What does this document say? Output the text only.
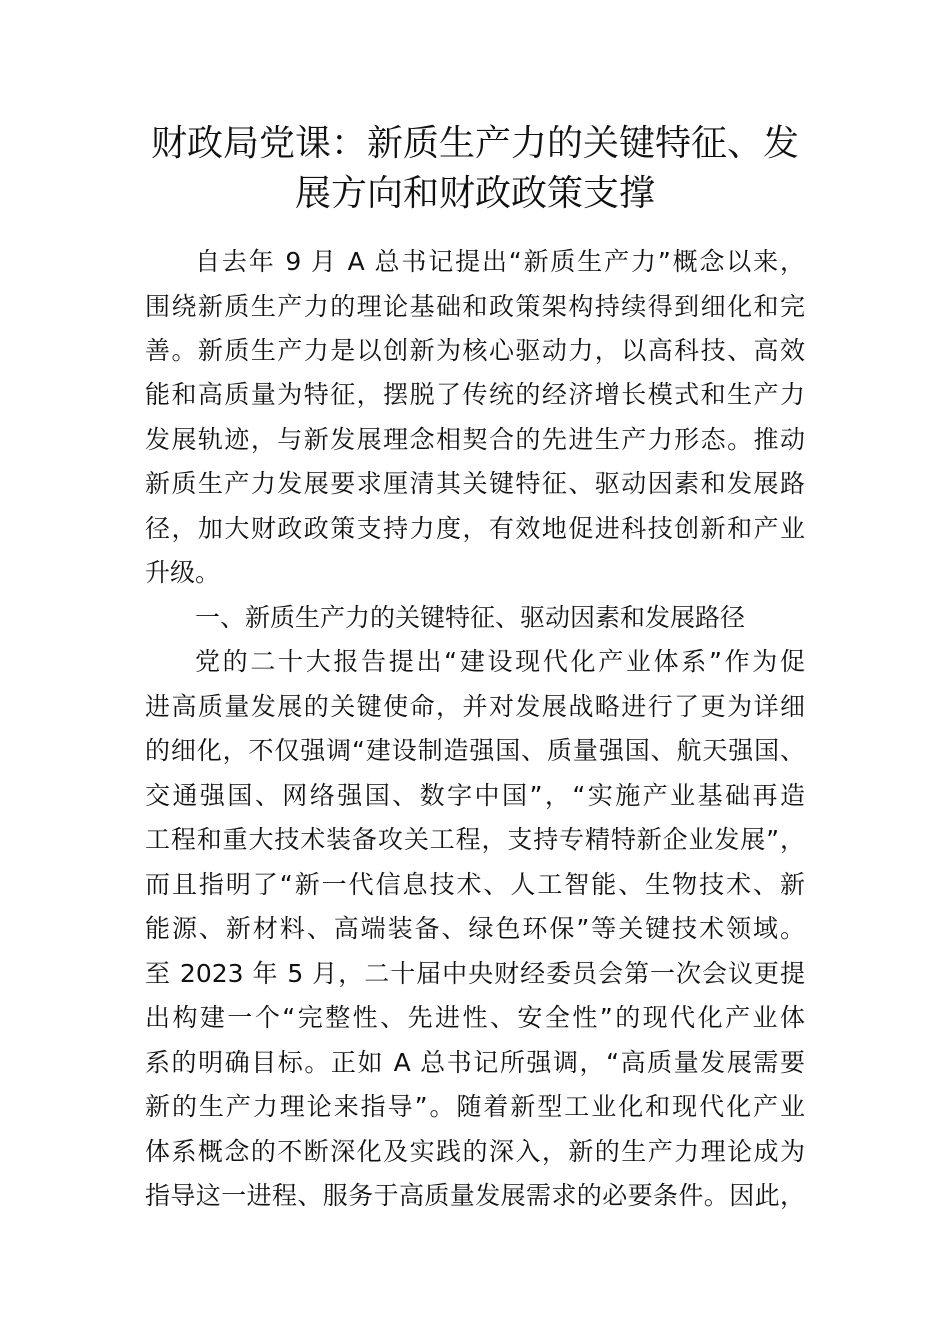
财政局党课：新质生产力的关键特征、发
展方向和财政政策支撑
自去年 9 月 A 总书记提出“新质生产力”概念以来，
围绕新质生产力的理论基础和政策架构持续得到细化和完
善。新质生产力是以创新为核心驱动力，以高科技、高效
能和高质量为特征，摆脱了传统的经济增长模式和生产力
发展轨迹，与新发展理念相契合的先进生产力形态。推动
新质生产力发展要求厘清其关键特征、驱动因素和发展路
径，加大财政政策支持力度，有效地促进科技创新和产业
升级。
一、新质生产力的关键特征、驱动因素和发展路径
党的二十大报告提出“建设现代化产业体系”作为促
进高质量发展的关键使命，并对发展战略进行了更为详细
的细化，不仅强调“建设制造强国、质量强国、航天强国、
交通强国、网络强国、数字中国”，“实施产业基础再造
工程和重大技术装备攻关工程，支持专精特新企业发展”，
而且指明了“新一代信息技术、人工智能、生物技术、新
能源、新材料、高端装备、绿色环保”等关键技术领域。
至 2023 年 5 月，二十届中央财经委员会第一次会议更提
出构建一个“完整性、先进性、安全性”的现代化产业体
系的明确目标。正如 A 总书记所强调，“高质量发展需要
新的生产力理论来指导”。随着新型工业化和现代化产业
体系概念的不断深化及实践的深入，新的生产力理论成为
指导这一进程、服务于高质量发展需求的必要条件。因此，
